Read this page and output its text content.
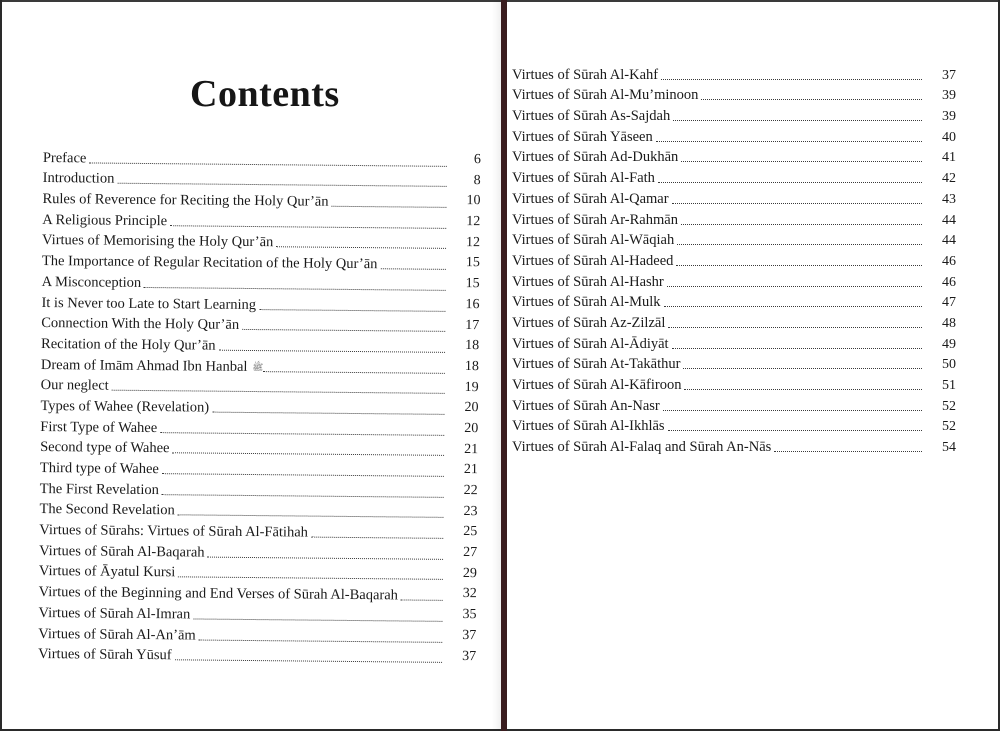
Contents
Preface	6
Introduction	8
Rules of Reverence for Reciting the Holy Qur’ān	10
A Religious Principle	12
Virtues of Memorising the Holy Qur’ān	12
The Importance of Regular Recitation of the Holy Qur’ān	15
A Misconception	15
It is Never too Late to Start Learning	16
Connection With the Holy Qur’ān	17
Recitation of the Holy Qur’ān	18
Dream of Imām Ahmad Ibn Hanbal ﷺ	18
Our neglect	19
Types of Wahee (Revelation)	20
First Type of Wahee	20
Second type of Wahee	21
Third type of Wahee	21
The First Revelation	22
The Second Revelation	23
Virtues of Sūrahs: Virtues of Sūrah Al-Fātihah	25
Virtues of Sūrah Al-Baqarah	27
Virtues of Āyatul Kursi	29
Virtues of the Beginning and End Verses of Sūrah Al-Baqarah	32
Virtues of Sūrah Al-Imran	35
Virtues of Sūrah Al-An’ām	37
Virtues of Sūrah Yūsuf	37
Virtues of Sūrah Al-Kahf	37
Virtues of Sūrah Al-Mu’minoon	39
Virtues of Sūrah As-Sajdah	39
Virtues of Sūrah Yāseen	40
Virtues of Sūrah Ad-Dukhān	41
Virtues of Sūrah Al-Fath	42
Virtues of Sūrah Al-Qamar	43
Virtues of Sūrah Ar-Rahmān	44
Virtues of Sūrah Al-Wāqiah	44
Virtues of Sūrah Al-Hadeed	46
Virtues of Sūrah Al-Hashr	46
Virtues of Sūrah Al-Mulk	47
Virtues of Sūrah Az-Zilzāl	48
Virtues of Sūrah Al-Ādiyāt	49
Virtues of Sūrah At-Takāthur	50
Virtues of Sūrah Al-Kāfiroon	51
Virtues of Sūrah An-Nasr	52
Virtues of Sūrah Al-Ikhlās	52
Virtues of Sūrah Al-Falaq and Sūrah An-Nās	54
